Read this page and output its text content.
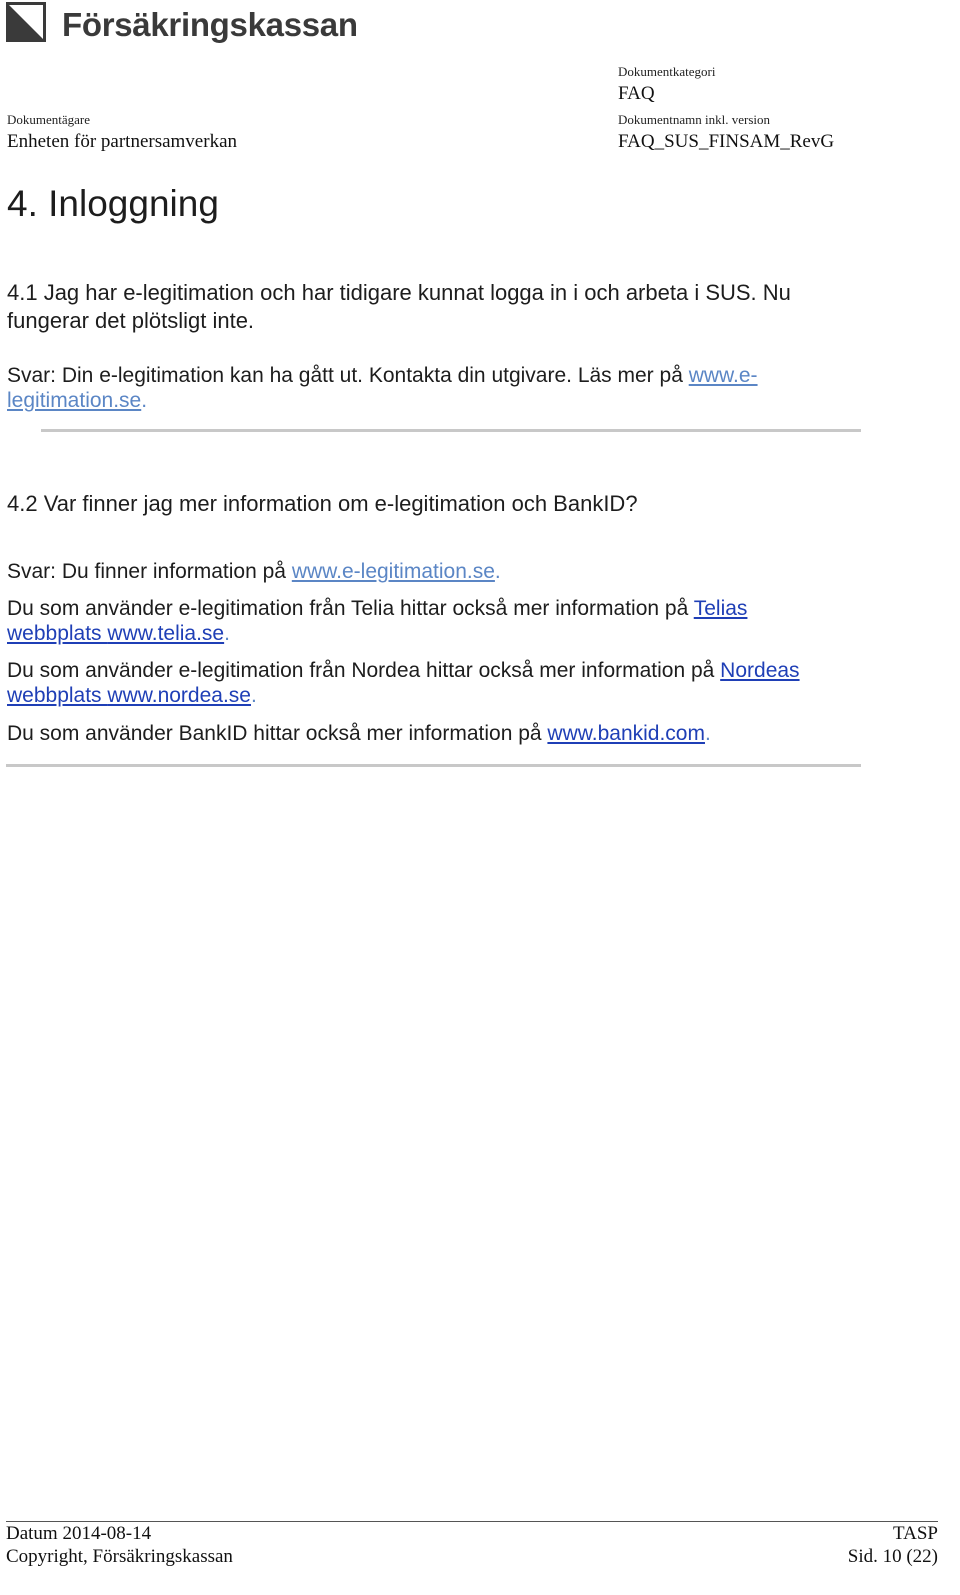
Försäkringskassan
Dokumentkategori
FAQ
Dokumentägare
Enheten för partnersamverkan
Dokumentnamn inkl. version
FAQ_SUS_FINSAM_RevG
4. Inloggning
4.1 Jag har e-legitimation och har tidigare kunnat logga in i och arbeta i SUS. Nu fungerar det plötsligt inte.
Svar: Din e-legitimation kan ha gått ut. Kontakta din utgivare. Läs mer på www.e-legitimation.se.
4.2 Var finner jag mer information om e-legitimation och BankID?
Svar: Du finner information på www.e-legitimation.se.
Du som använder e-legitimation från Telia hittar också mer information på Telias webbplats www.telia.se.
Du som använder e-legitimation från Nordea hittar också mer information på Nordeas webbplats www.nordea.se.
Du som använder BankID hittar också mer information på www.bankid.com.
Datum 2014-08-14	TASP
Copyright, Försäkringskassan	Sid. 10 (22)
